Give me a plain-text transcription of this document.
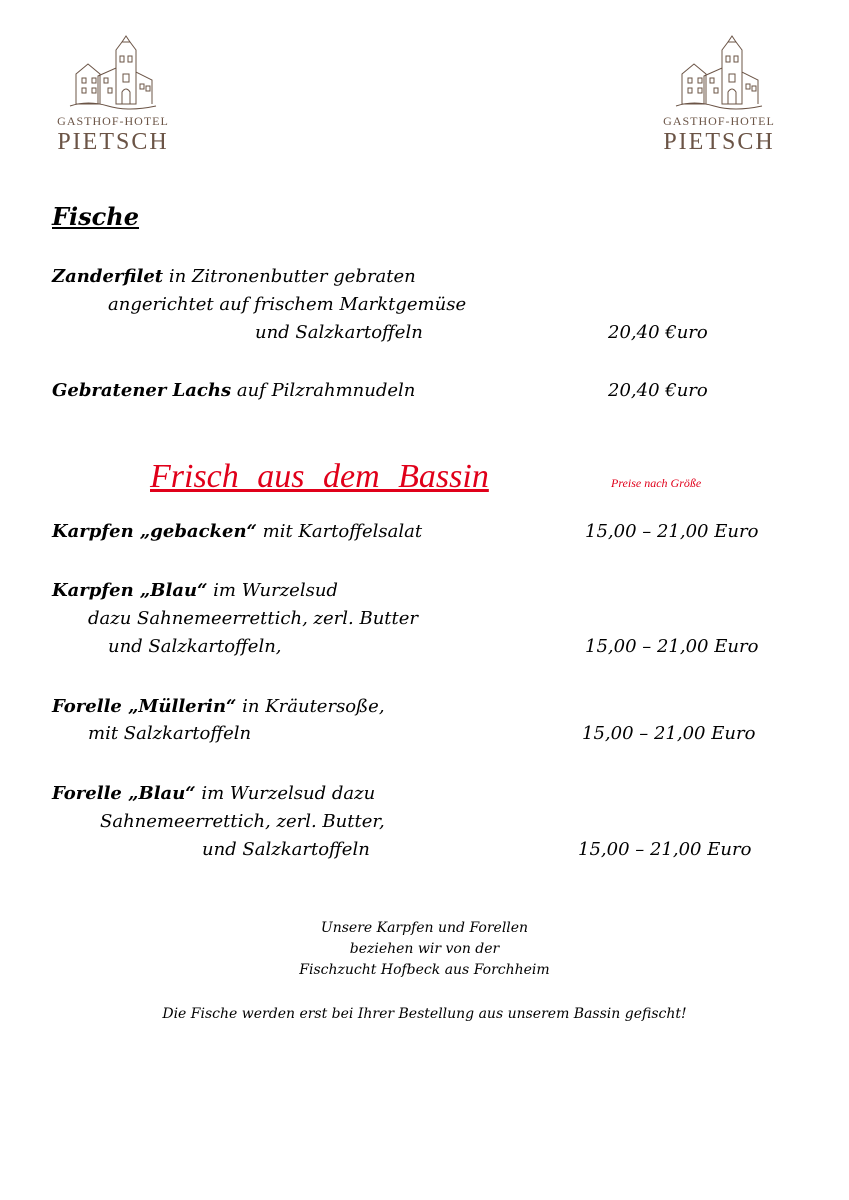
GASTHOF-HOTEL
PIETSCH
GASTHOF-HOTEL
PIETSCH
Fische
Zanderfilet in Zitronenbutter gebraten
angerichtet auf frischem Marktgemüse
und Salzkartoffeln	20,40 €uro
Gebratener Lachs auf Pilzrahmnudeln	20,40 €uro
Frisch aus dem Bassin	Preise nach Größe
Karpfen „gebacken“ mit Kartoffelsalat	15,00 – 21,00 Euro
Karpfen „Blau“ im Wurzelsud
dazu Sahnemeerrettich, zerl. Butter
und Salzkartoffeln,	15,00 – 21,00 Euro
Forelle „Müllerin“ in Kräutersoße,
mit Salzkartoffeln	15,00 – 21,00 Euro
Forelle „Blau“ im Wurzelsud dazu
Sahnemeerrettich, zerl. Butter,
und Salzkartoffeln	15,00 – 21,00 Euro
Unsere Karpfen und Forellen
beziehen wir von der
Fischzucht Hofbeck aus Forchheim
Die Fische werden erst bei Ihrer Bestellung aus unserem Bassin gefischt!
